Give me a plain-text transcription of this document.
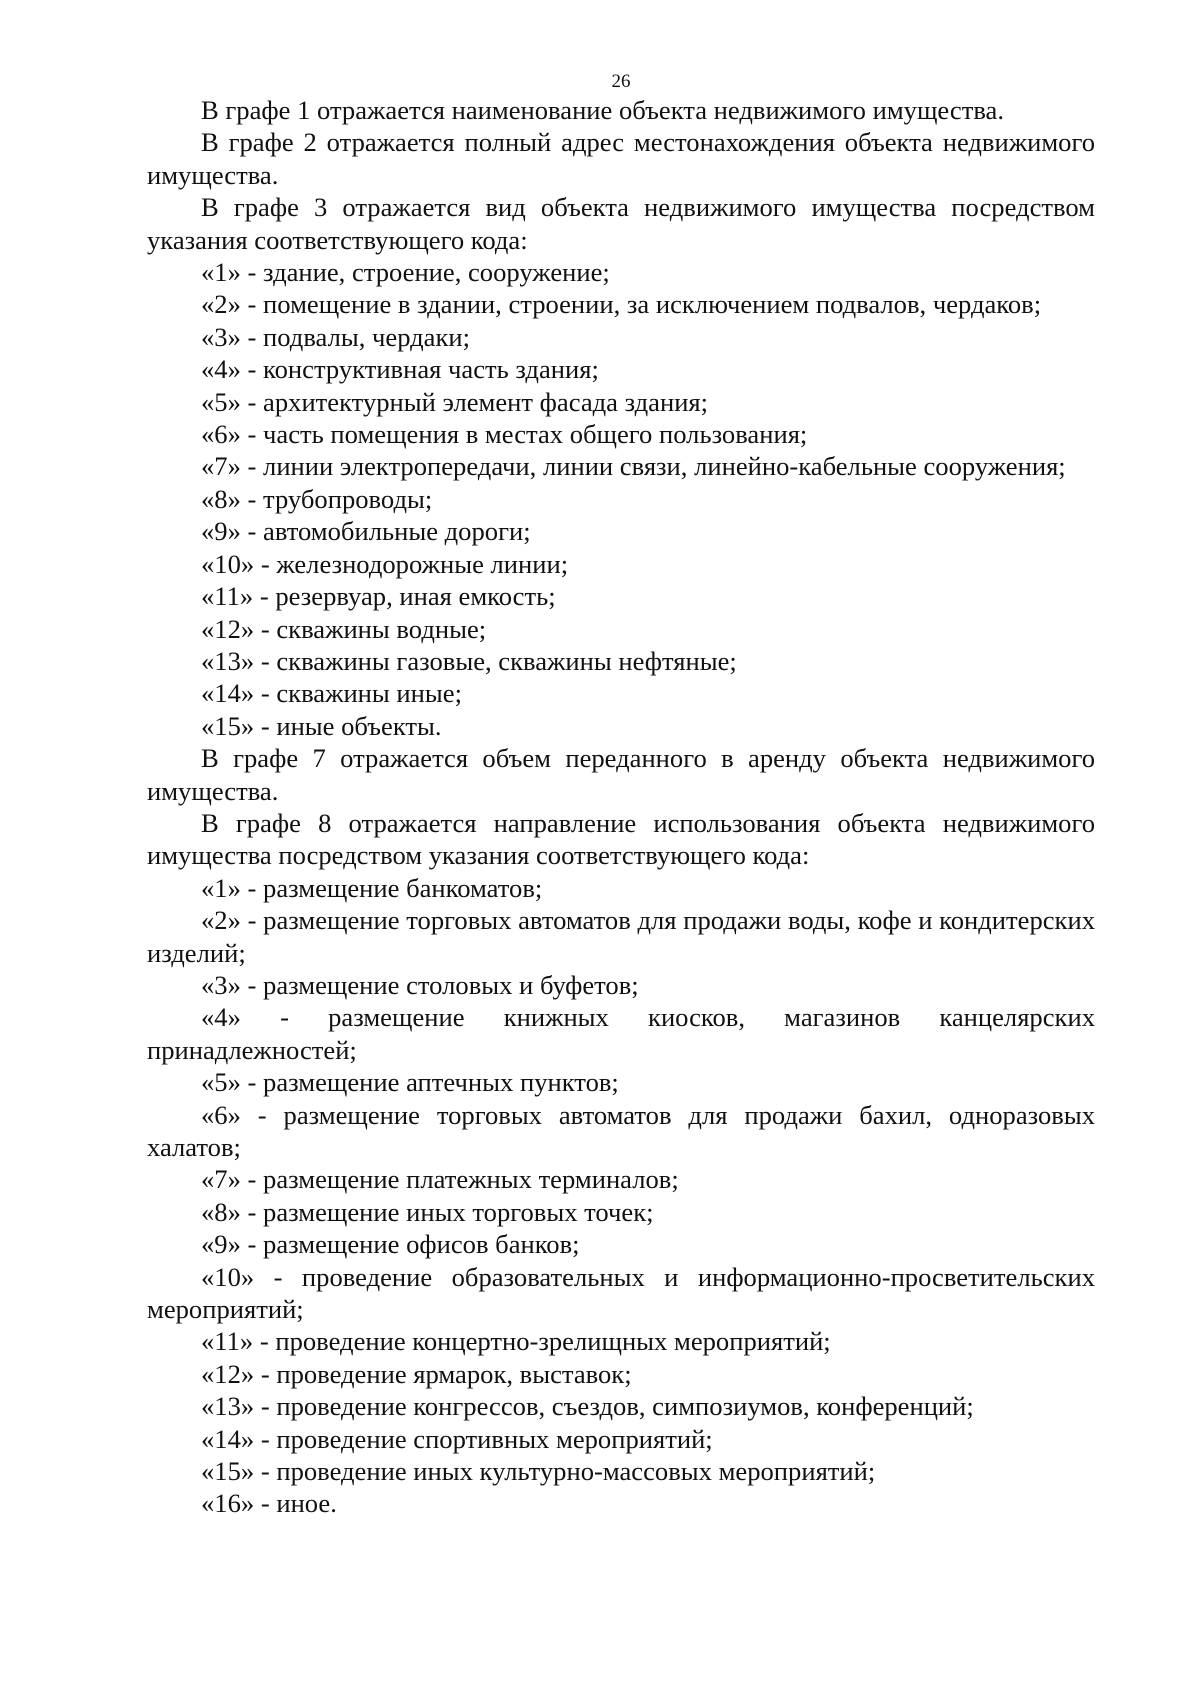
26

В графе 1 отражается наименование объекта недвижимого имущества.

В графе 2 отражается полный адрес местонахождения объекта недвижимого имущества.

В графе 3 отражается вид объекта недвижимого имущества посредством указания соответствующего кода:

«1» - здание, строение, сооружение;

«2» - помещение в здании, строении, за исключением подвалов, чердаков;

«3» - подвалы, чердаки;

«4» - конструктивная часть здания;

«5» - архитектурный элемент фасада здания;

«6» - часть помещения в местах общего пользования;

«7» - линии электропередачи, линии связи, линейно-кабельные сооружения;

«8» - трубопроводы;

«9» - автомобильные дороги;

«10» - железнодорожные линии;

«11» - резервуар, иная емкость;

«12» - скважины водные;

«13» - скважины газовые, скважины нефтяные;

«14» - скважины иные;

«15» - иные объекты.

В графе 7 отражается объем переданного в аренду объекта недвижимого имущества.

В графе 8 отражается направление использования объекта недвижимого имущества посредством указания соответствующего кода:

«1» - размещение банкоматов;

«2» - размещение торговых автоматов для продажи воды, кофе и кондитерских изделий;

«3» - размещение столовых и буфетов;

«4» - размещение книжных киосков, магазинов канцелярских принадлежностей;

«5» - размещение аптечных пунктов;

«6» - размещение торговых автоматов для продажи бахил, одноразовых халатов;

«7» - размещение платежных терминалов;

«8» - размещение иных торговых точек;

«9» - размещение офисов банков;

«10» - проведение образовательных и информационно-просветительских мероприятий;

«11» - проведение концертно-зрелищных мероприятий;

«12» - проведение ярмарок, выставок;

«13» - проведение конгрессов, съездов, симпозиумов, конференций;

«14» - проведение спортивных мероприятий;

«15» - проведение иных культурно-массовых мероприятий;

«16» - иное.
